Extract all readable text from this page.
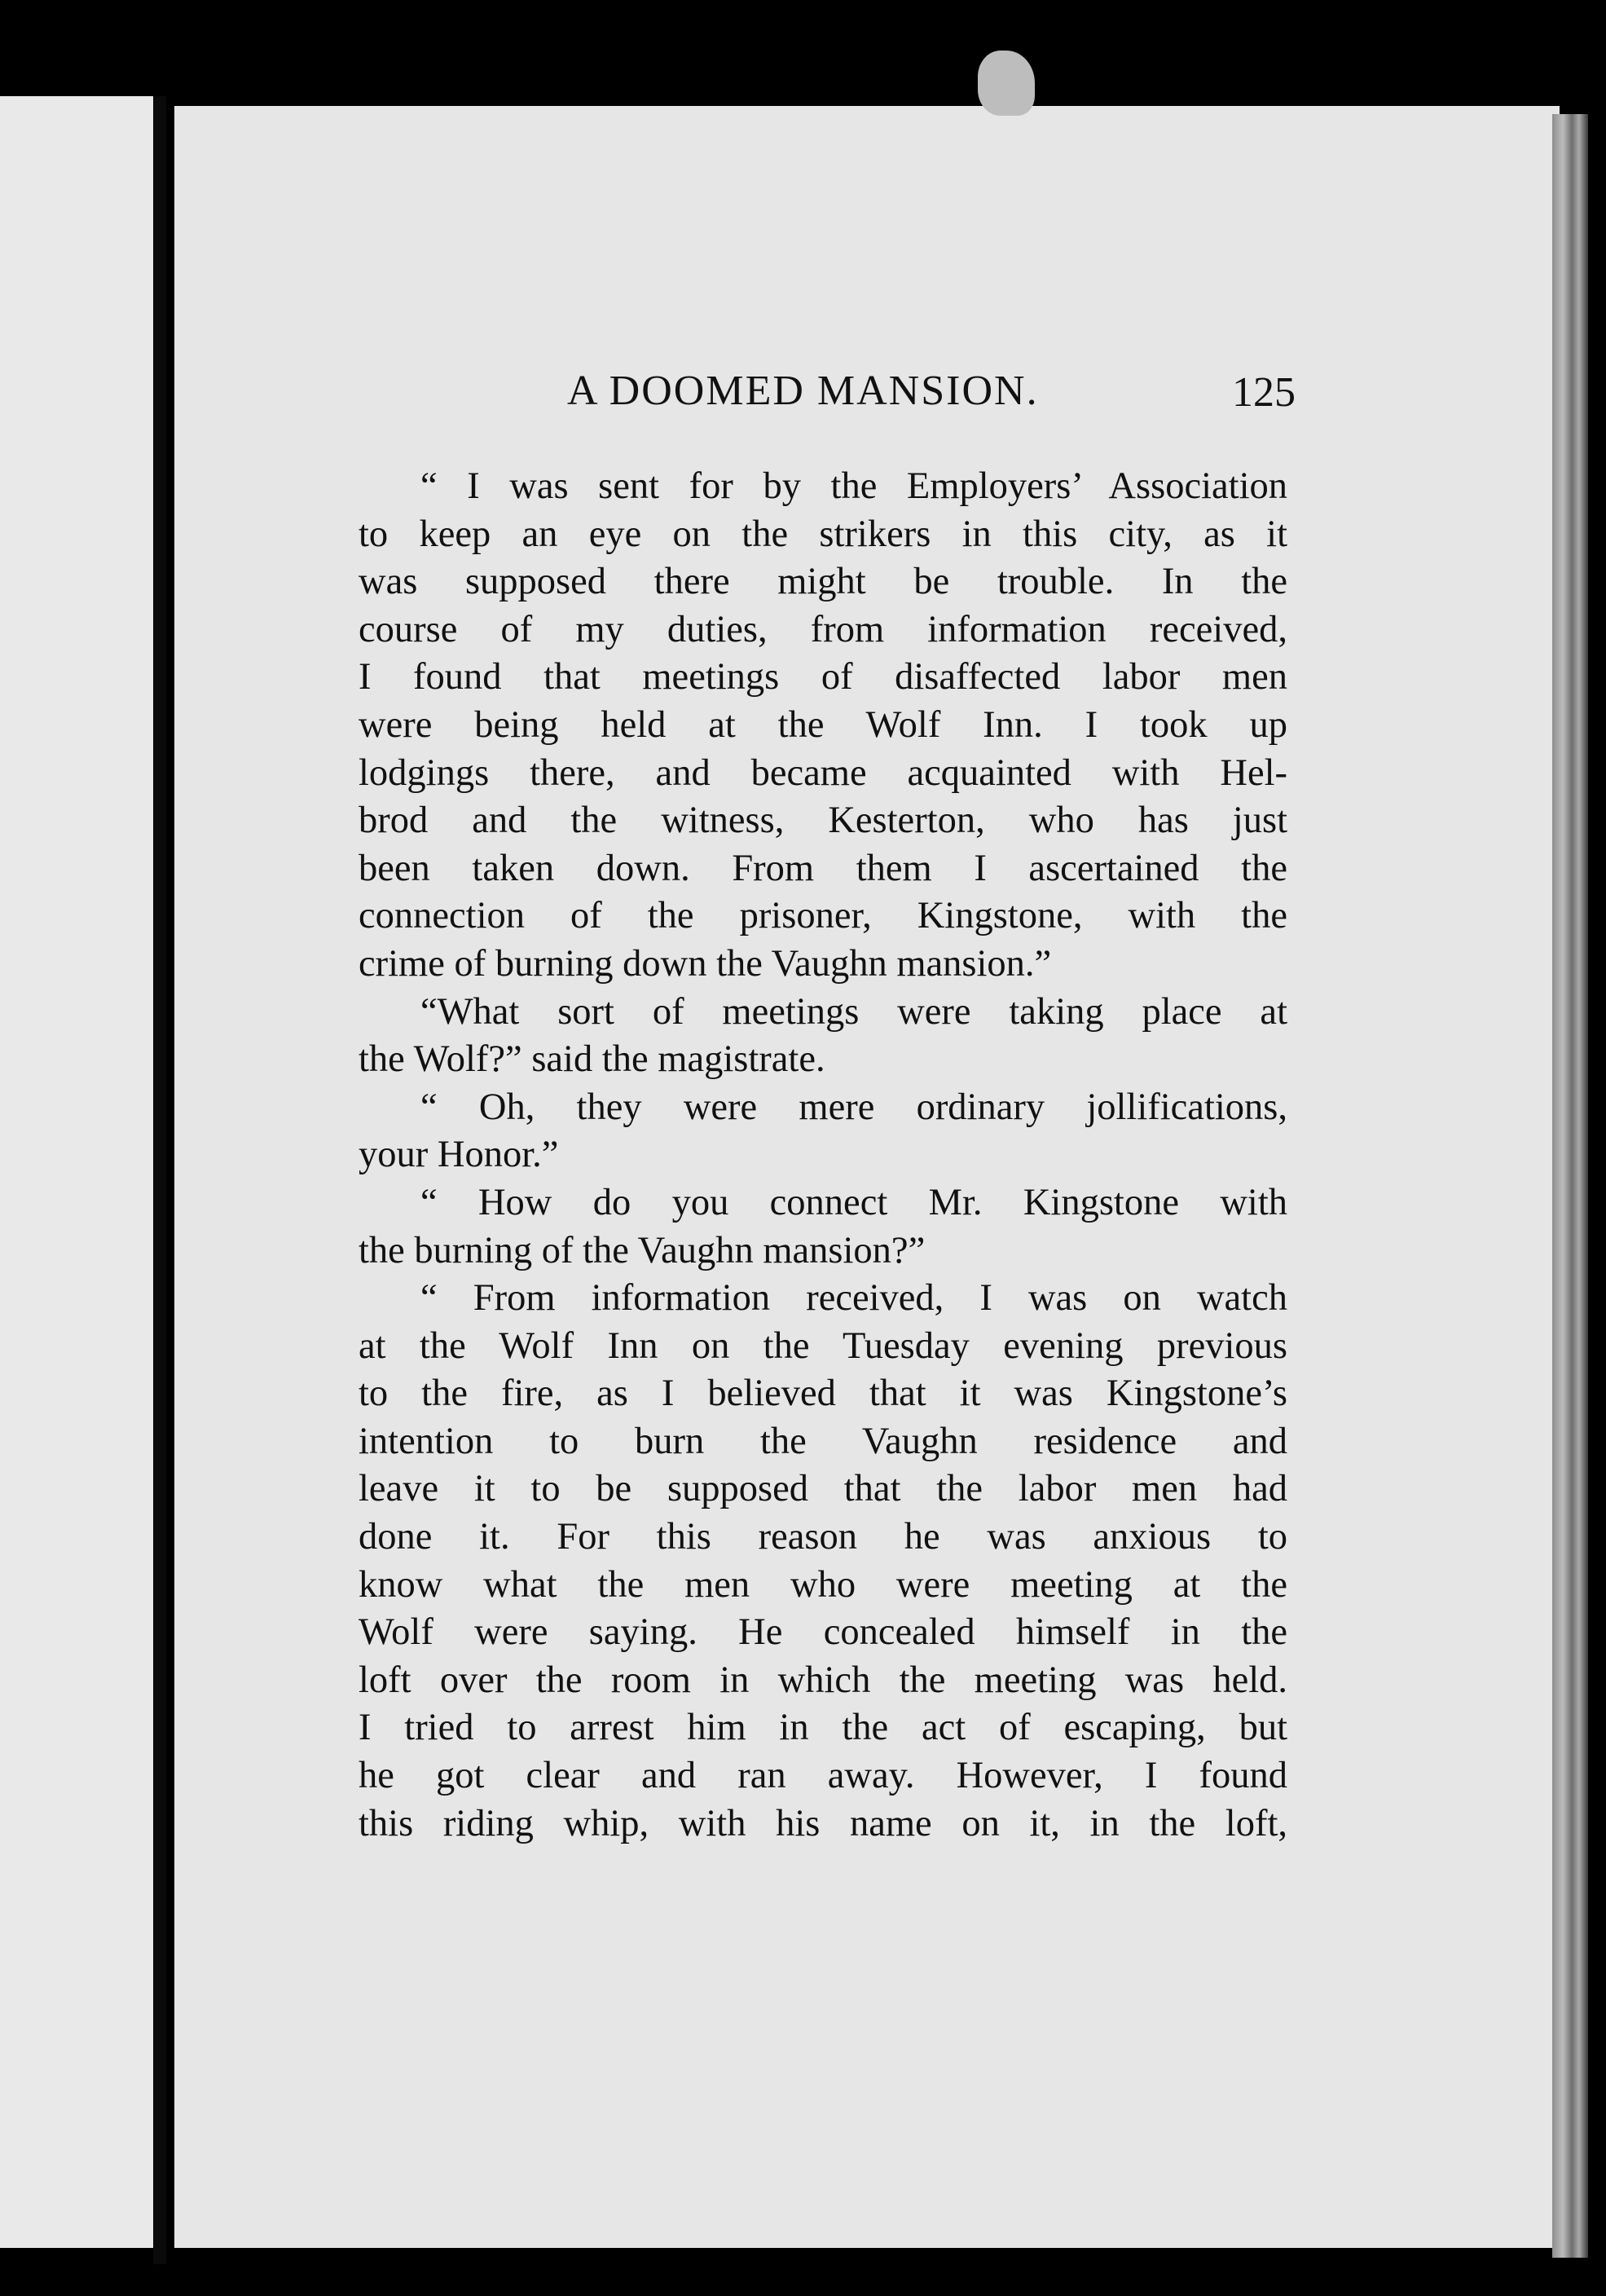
A DOOMED MANSION.	125
“ I was sent for by the Employers’ Association
to keep an eye on the strikers in this city, as it
was supposed there might be trouble. In the
course of my duties, from information received,
I found that meetings of disaffected labor men
were being held at the Wolf Inn. I took up
lodgings there, and became acquainted with Hel-
brod and the witness, Kesterton, who has just
been taken down. From them I ascertained the
connection of the prisoner, Kingstone, with the
crime of burning down the Vaughn mansion.”
“What sort of meetings were taking place at
the Wolf?” said the magistrate.
“ Oh, they were mere ordinary jollifications,
your Honor.”
“ How do you connect Mr. Kingstone with
the burning of the Vaughn mansion?”
“ From information received, I was on watch
at the Wolf Inn on the Tuesday evening previous
to the fire, as I believed that it was Kingstone’s
intention to burn the Vaughn residence and
leave it to be supposed that the labor men had
done it. For this reason he was anxious to
know what the men who were meeting at the
Wolf were saying. He concealed himself in the
loft over the room in which the meeting was held.
I tried to arrest him in the act of escaping, but
he got clear and ran away. However, I found
this riding whip, with his name on it, in the loft,
